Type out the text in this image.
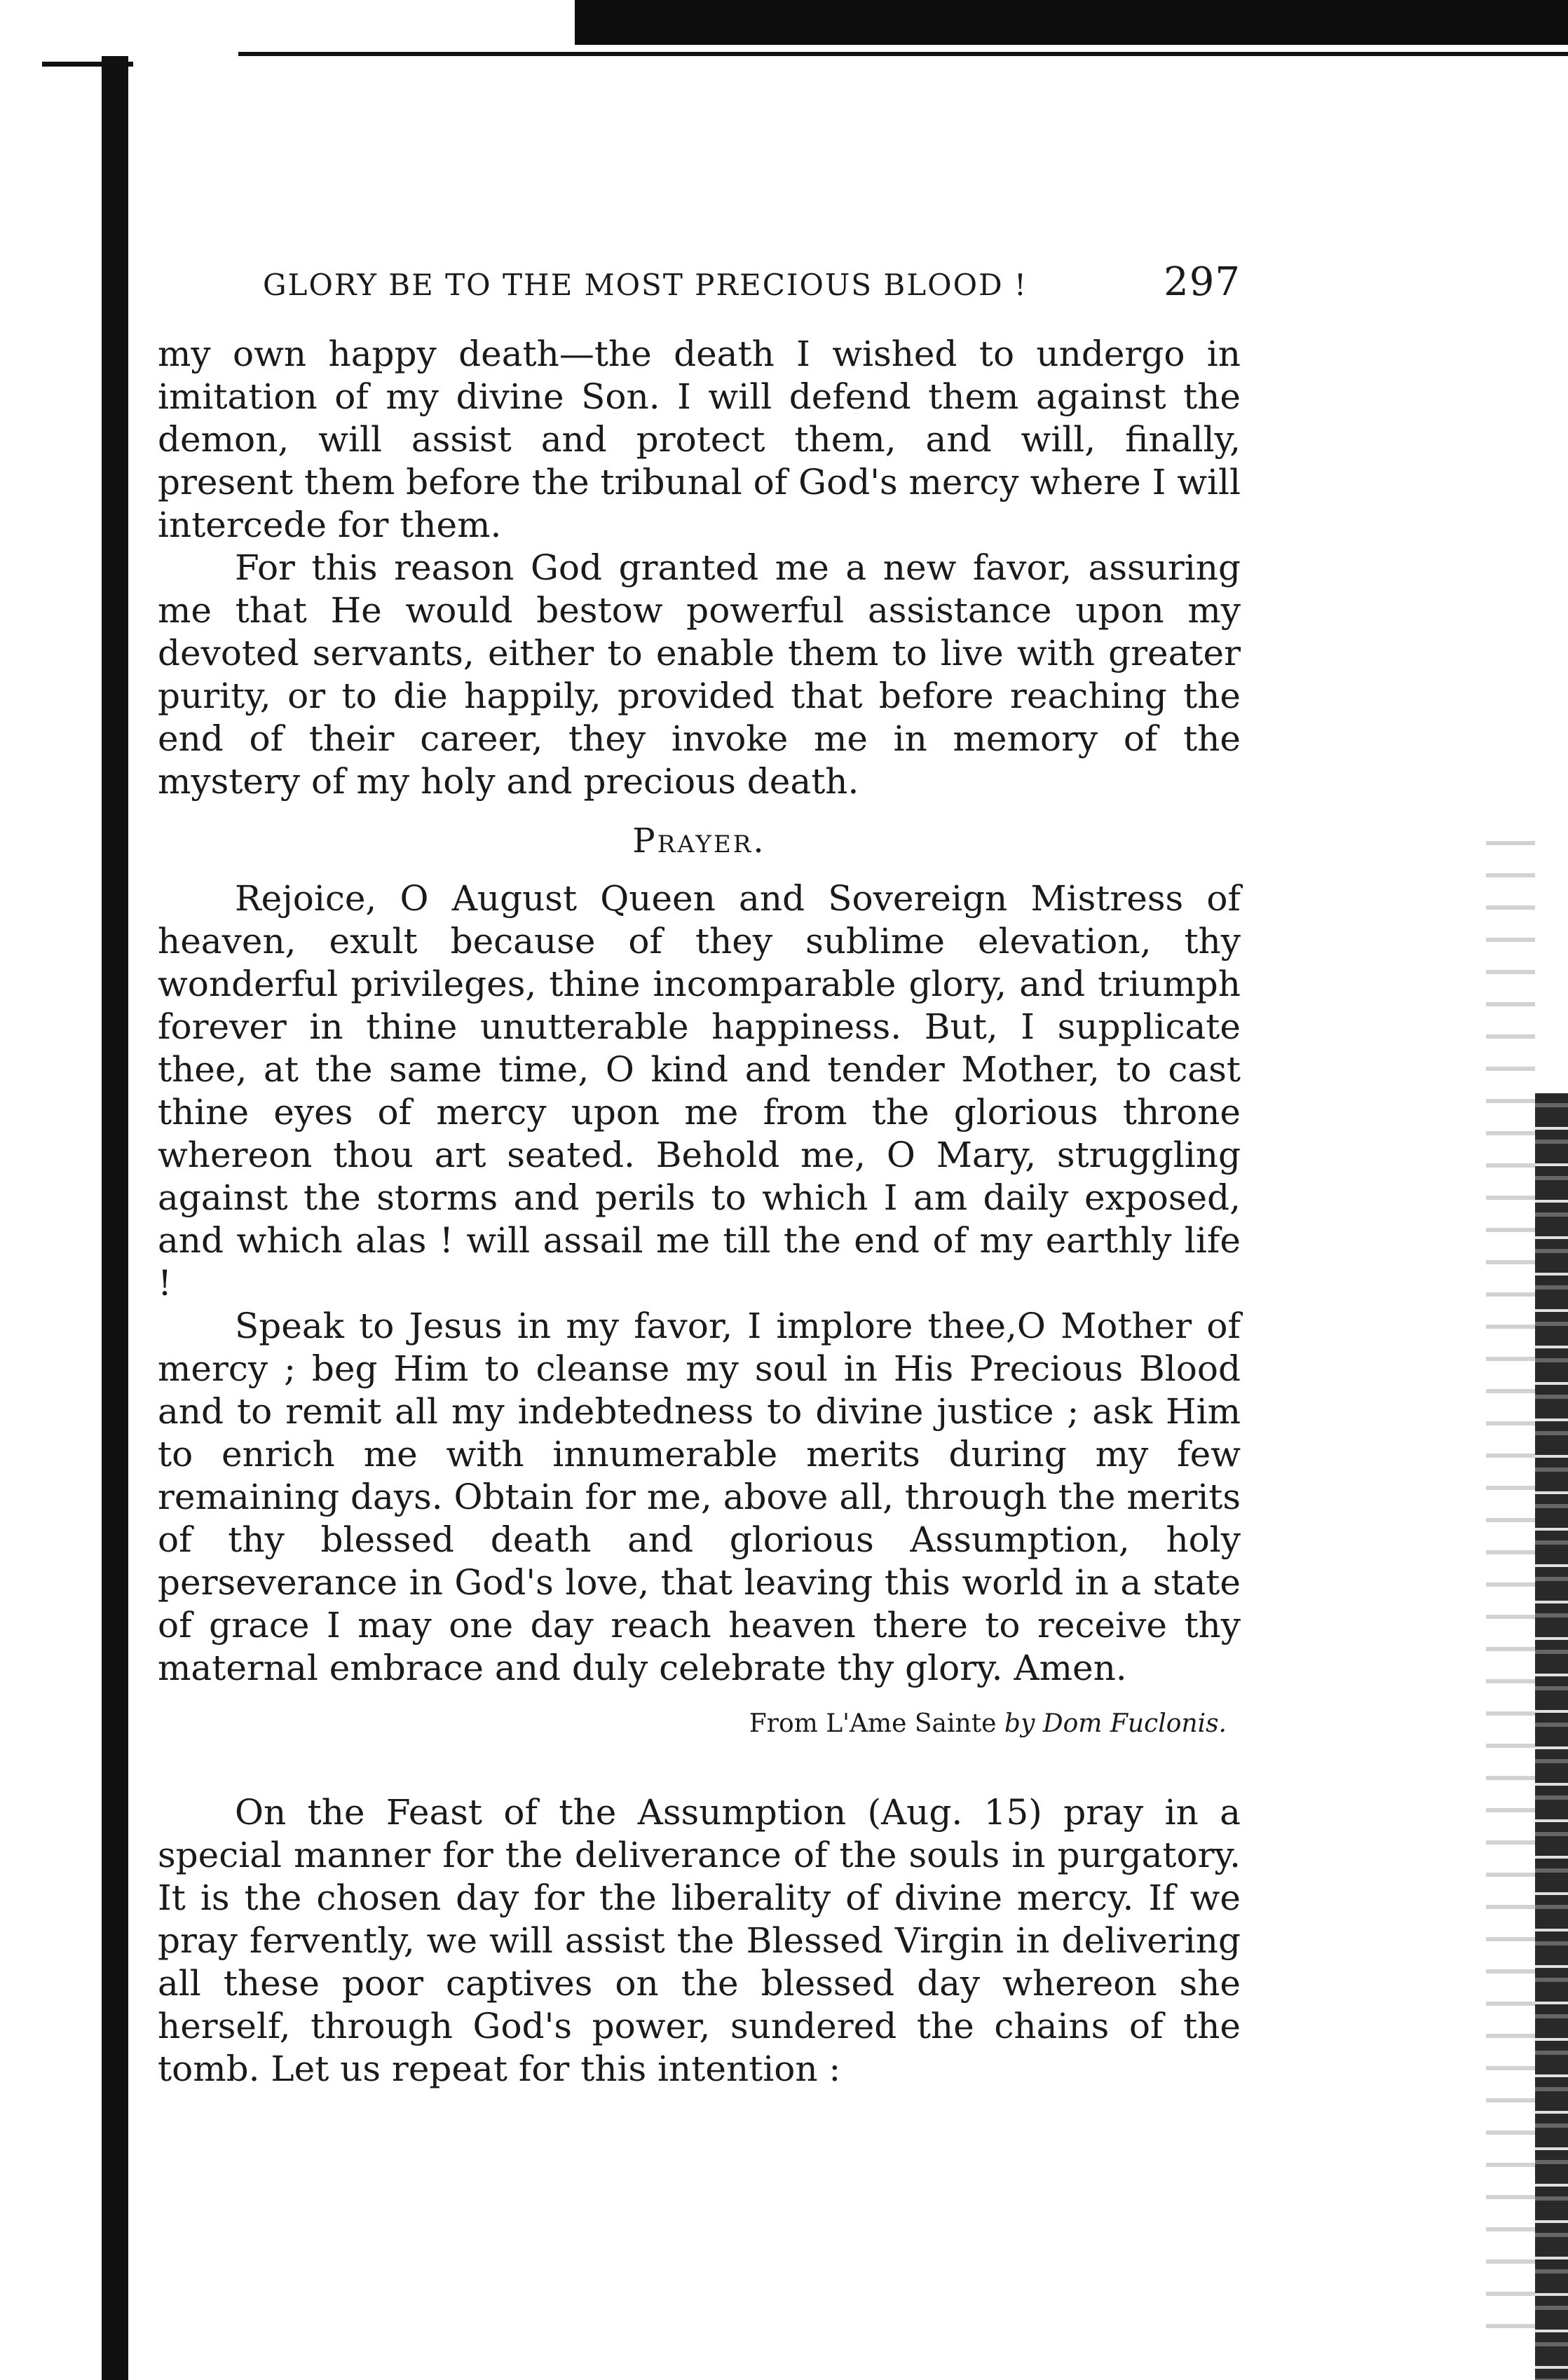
GLORY BE TO THE MOST PRECIOUS BLOOD !	297

my own happy death—the death I wished to undergo in imitation of my divine Son. I will defend them against the demon, will assist and protect them, and will, finally, present them before the tribunal of God's mercy where I will intercede for them.

For this reason God granted me a new favor, assuring me that He would bestow powerful assistance upon my devoted servants, either to enable them to live with greater purity, or to die happily, provided that before reaching the end of their career, they invoke me in memory of the mystery of my holy and precious death.

Prayer.

Rejoice, O August Queen and Sovereign Mistress of heaven, exult because of they sublime elevation, thy wonderful privileges, thine incomparable glory, and triumph forever in thine unutterable happiness. But, I supplicate thee, at the same time, O kind and tender Mother, to cast thine eyes of mercy upon me from the glorious throne whereon thou art seated. Behold me, O Mary, struggling against the storms and perils to which I am daily exposed, and which alas ! will assail me till the end of my earthly life !

Speak to Jesus in my favor, I implore thee,O Mother of mercy ; beg Him to cleanse my soul in His Precious Blood and to remit all my indebtedness to divine justice ; ask Him to enrich me with innumerable merits during my few remaining days. Obtain for me, above all, through the merits of thy blessed death and glorious Assumption, holy perseverance in God's love, that leaving this world in a state of grace I may one day reach heaven there to receive thy maternal embrace and duly celebrate thy glory. Amen.

From L'Ame Sainte by Dom Fuclonis.

On the Feast of the Assumption (Aug. 15) pray in a special manner for the deliverance of the souls in purgatory. It is the chosen day for the liberality of divine mercy. If we pray fervently, we will assist the Blessed Virgin in delivering all these poor captives on the blessed day whereon she herself, through God's power, sundered the chains of the tomb. Let us repeat for this intention :
